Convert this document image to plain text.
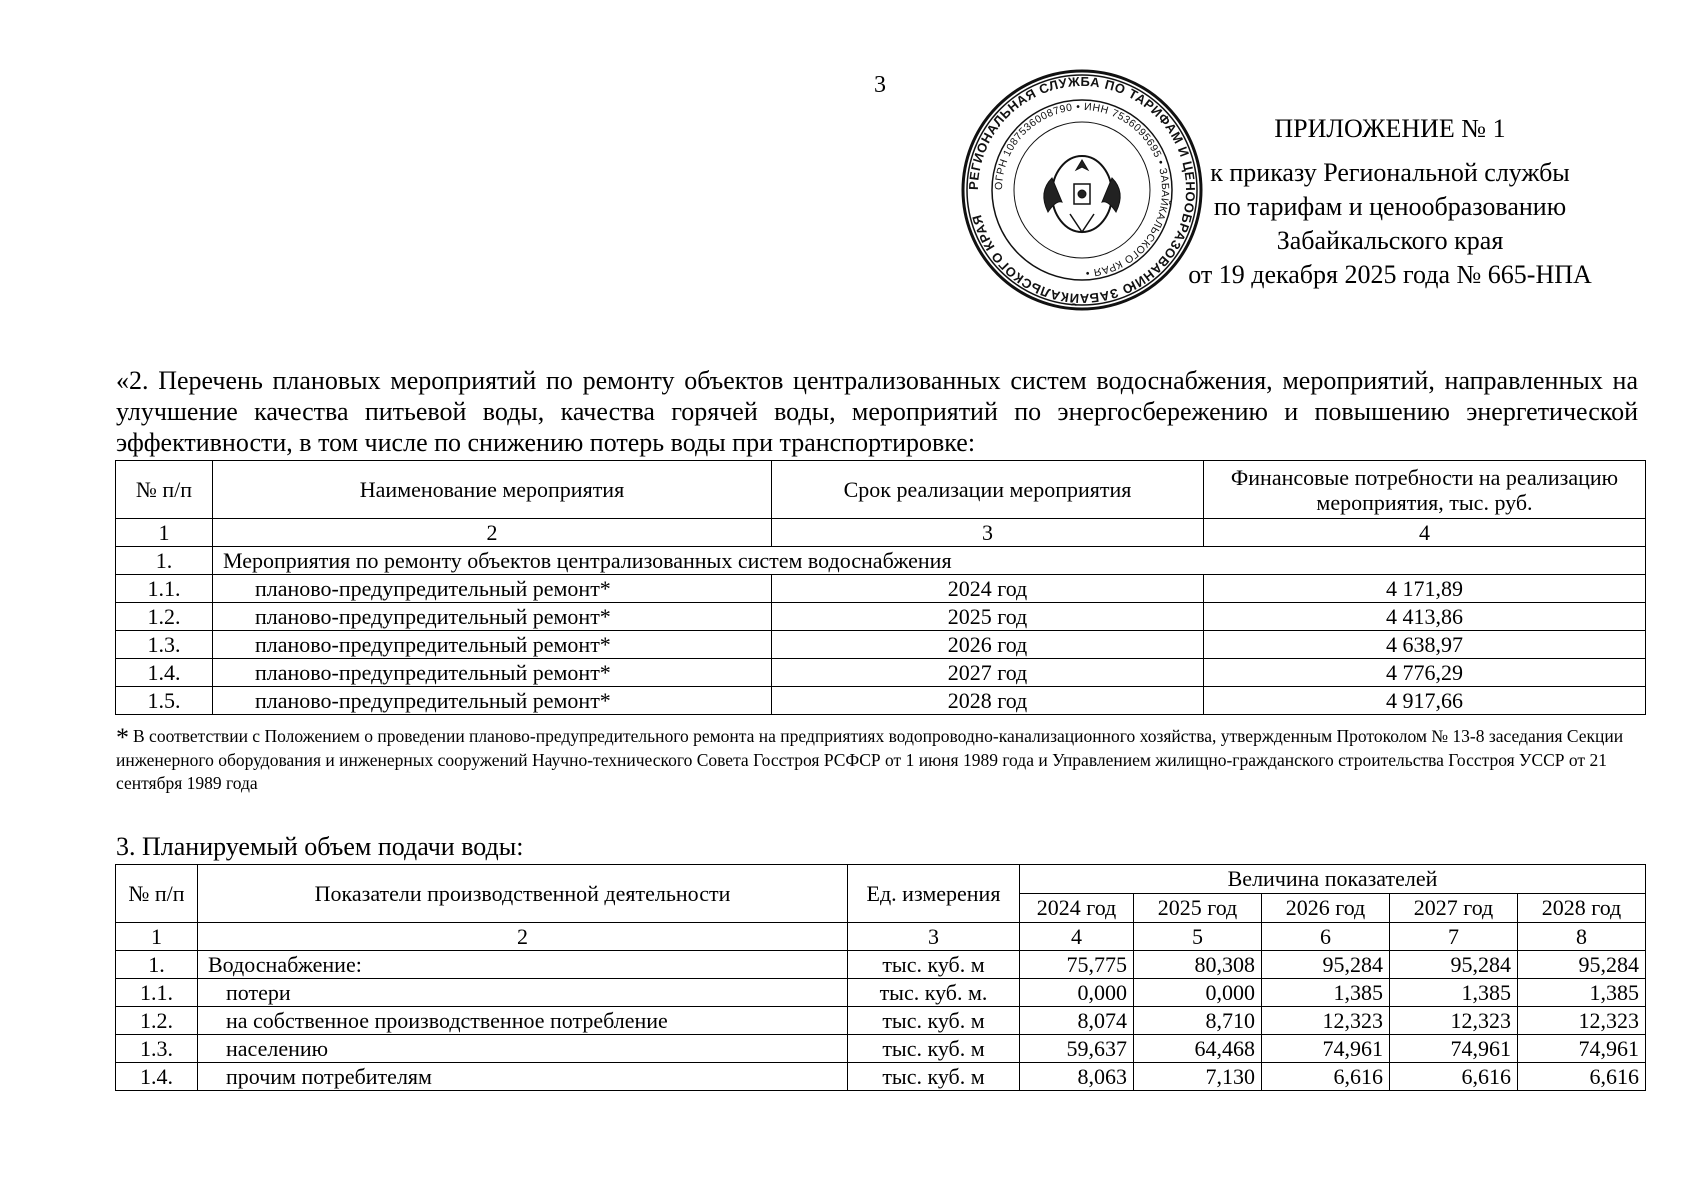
3
РЕГИОНАЛЬНАЯ СЛУЖБА ПО ТАРИФАМ И ЦЕНООБРАЗОВАНИЮ ЗАБАЙКАЛЬСКОГО КРАЯ
ОГРН 1087536008790 • ИНН 7536095695 • ЗАБАЙКАЛЬСКОГО КРАЯ •
ПРИЛОЖЕНИЕ № 1
к приказу Региональной службы
по тарифам и ценообразованию
Забайкальского края
от 19 декабря 2025 года № 665-НПА
«2. Перечень плановых мероприятий по ремонту объектов централизованных систем водоснабжения, мероприятий, направленных на улучшение качества питьевой воды, качества горячей воды, мероприятий по энергосбережению и повышению энергетической эффективности, в том числе по снижению потерь воды при транспортировке:
№ п/п	Наименование мероприятия	Срок реализации мероприятия	Финансовые потребности на реализацию мероприятия, тыс. руб.
1	2	3	4
1.	Мероприятия по ремонту объектов централизованных систем водоснабжения		
1.1.	планово-предупредительный ремонт*	2024 год	4 171,89
1.2.	планово-предупредительный ремонт*	2025 год	4 413,86
1.3.	планово-предупредительный ремонт*	2026 год	4 638,97
1.4.	планово-предупредительный ремонт*	2027 год	4 776,29
1.5.	планово-предупредительный ремонт*	2028 год	4 917,66
* В соответствии с Положением о проведении планово-предупредительного ремонта на предприятиях водопроводно-канализационного хозяйства, утвержденным Протоколом № 13-8 заседания Секции инженерного оборудования и инженерных сооружений Научно-технического Совета Госстроя РСФСР от 1 июня 1989 года и Управлением жилищно-гражданского строительства Госстроя УССР от 21 сентября 1989 года
3. Планируемый объем подачи воды:
№ п/п	Показатели производственной деятельности	Ед. измерения	Величина показателей				
			2024 год	2025 год	2026 год	2027 год	2028 год
1	2	3	4	5	6	7	8
1.	Водоснабжение:	тыс. куб. м	75,775	80,308	95,284	95,284	95,284
1.1.	потери	тыс. куб. м.	0,000	0,000	1,385	1,385	1,385
1.2.	на собственное производственное потребление	тыс. куб. м	8,074	8,710	12,323	12,323	12,323
1.3.	населению	тыс. куб. м	59,637	64,468	74,961	74,961	74,961
1.4.	прочим потребителям	тыс. куб. м	8,063	7,130	6,616	6,616	6,616
